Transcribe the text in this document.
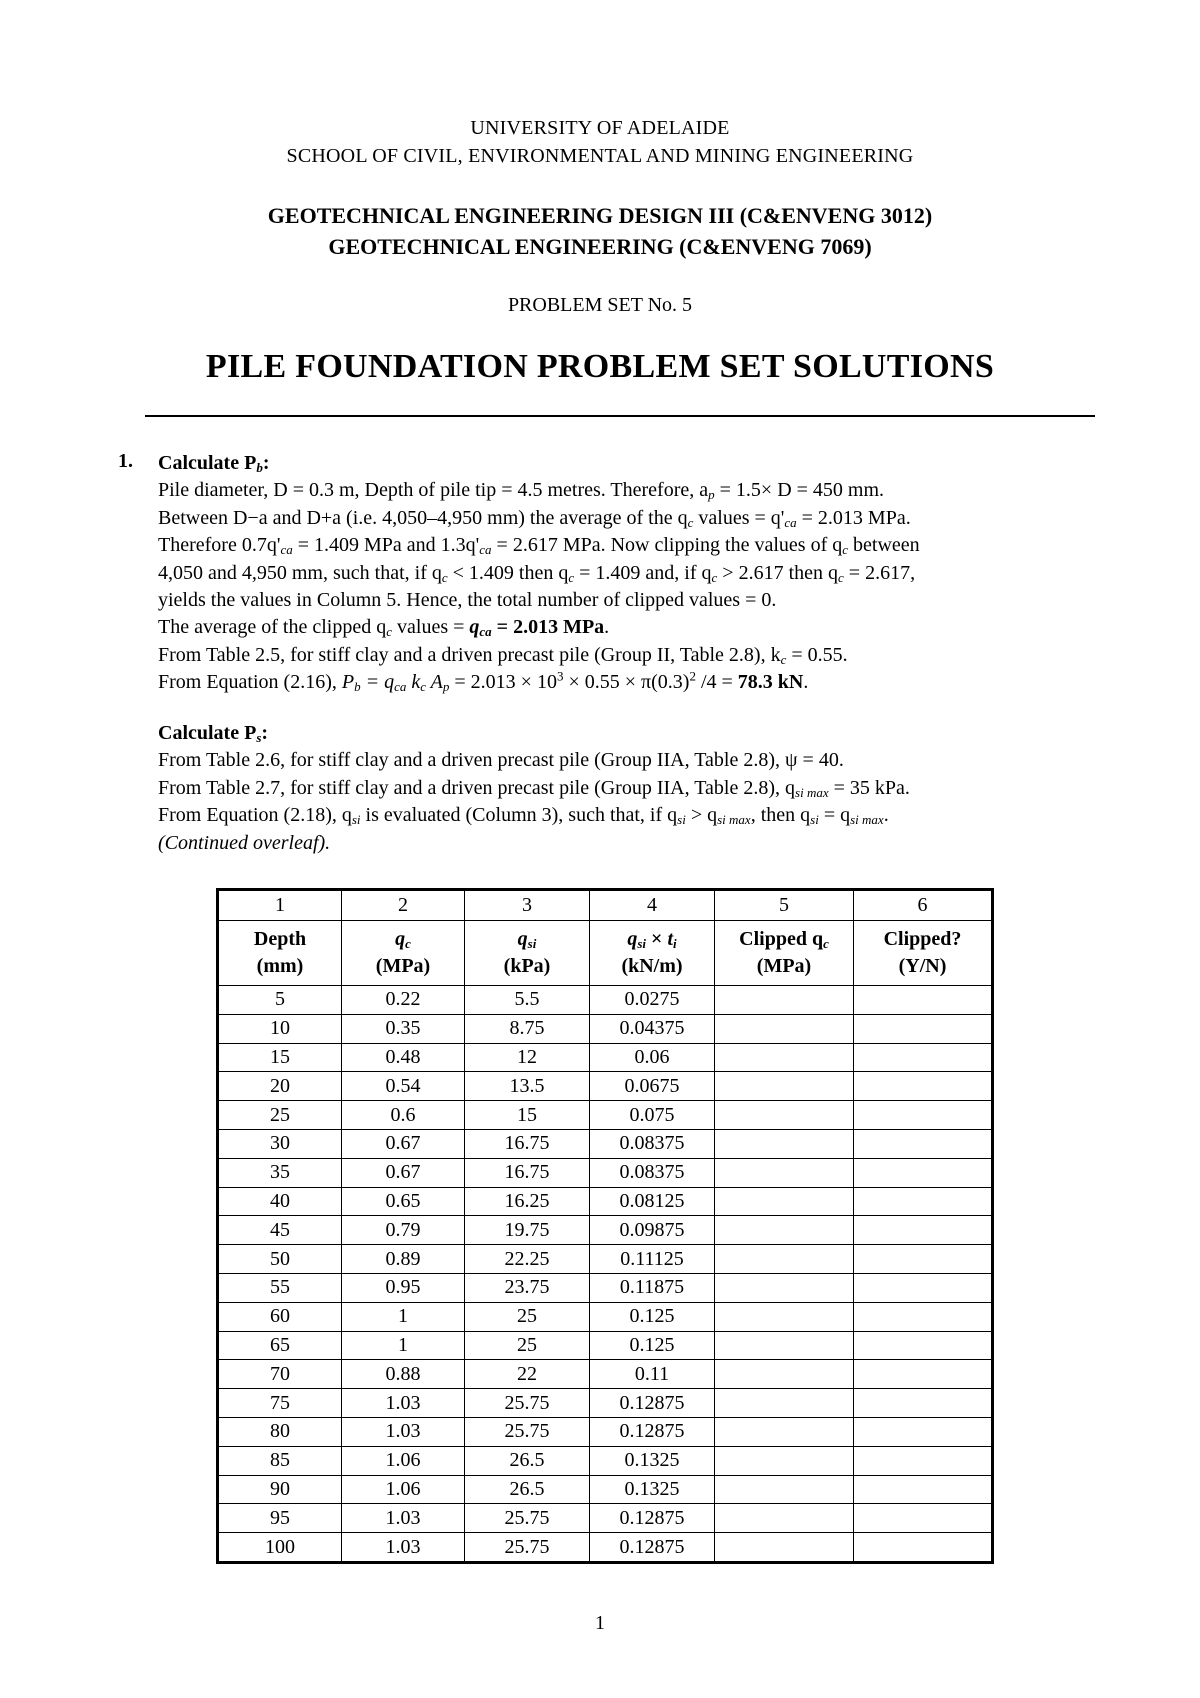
UNIVERSITY OF ADELAIDE
SCHOOL OF CIVIL, ENVIRONMENTAL AND MINING ENGINEERING
GEOTECHNICAL ENGINEERING DESIGN III (C&ENVENG 3012)
GEOTECHNICAL ENGINEERING (C&ENVENG 7069)
PROBLEM SET No. 5
PILE FOUNDATION PROBLEM SET SOLUTIONS
1. Calculate $P_b$:
Pile diameter, D = 0.3 m, Depth of pile tip = 4.5 metres. Therefore, $a_p = 1.5\times D = 450$ mm.
Between D−a and D+a (i.e. 4,050–4,950 mm) the average of the $q_c$ values = $q'_{ca} = 2.013$ MPa.
Therefore $0.7q'_{ca} = 1.409$ MPa and $1.3q'_{ca} = 2.617$ MPa. Now clipping the values of $q_c$ between
4,050 and 4,950 mm, such that, if $q_c < 1.409$ then $q_c = 1.409$ and, if $q_c > 2.617$ then $q_c = 2.617$,
yields the values in Column 5. Hence, the total number of clipped values = 0.
The average of the clipped $q_c$ values = $q_{ca} = 2.013$ MPa.
From Table 2.5, for stiff clay and a driven precast pile (Group II, Table 2.8), $k_c = 0.55$.
From Equation (2.16), $P_b = q_{ca}$ $k_c$ $A_p = 2.013 \times 10^3 \times 0.55 \times \pi(0.3)^2$ /4 = 78.3 kN.
Calculate $P_s$:
From Table 2.6, for stiff clay and a driven precast pile (Group IIA, Table 2.8), ψ = 40.
From Table 2.7, for stiff clay and a driven precast pile (Group IIA, Table 2.8), $q_{si max} = 35$ kPa.
From Equation (2.18), $q_{si}$ is evaluated (Column 3), such that, if $q_{si} > q_{si max}$, then $q_{si} = q_{si max}$.
(Continued overleaf).
1	2	3	4	5	6
Depth	$q_c$	$q_{si}$	$q_{si} \times t_i$	Clipped $q_c$	Clipped?
(mm)	(MPa)	(kPa)	(kN/m)	(MPa)	(Y/N)
5	0.22	5.5	0.0275		
10	0.35	8.75	0.04375		
15	0.48	12	0.06		
20	0.54	13.5	0.0675		
25	0.6	15	0.075		
30	0.67	16.75	0.08375		
35	0.67	16.75	0.08375		
40	0.65	16.25	0.08125		
45	0.79	19.75	0.09875		
50	0.89	22.25	0.11125		
55	0.95	23.75	0.11875		
60	1	25	0.125		
65	1	25	0.125		
70	0.88	22	0.11		
75	1.03	25.75	0.12875		
80	1.03	25.75	0.12875		
85	1.06	26.5	0.1325		
90	1.06	26.5	0.1325		
95	1.03	25.75	0.12875		
100	1.03	25.75	0.12875		
1
